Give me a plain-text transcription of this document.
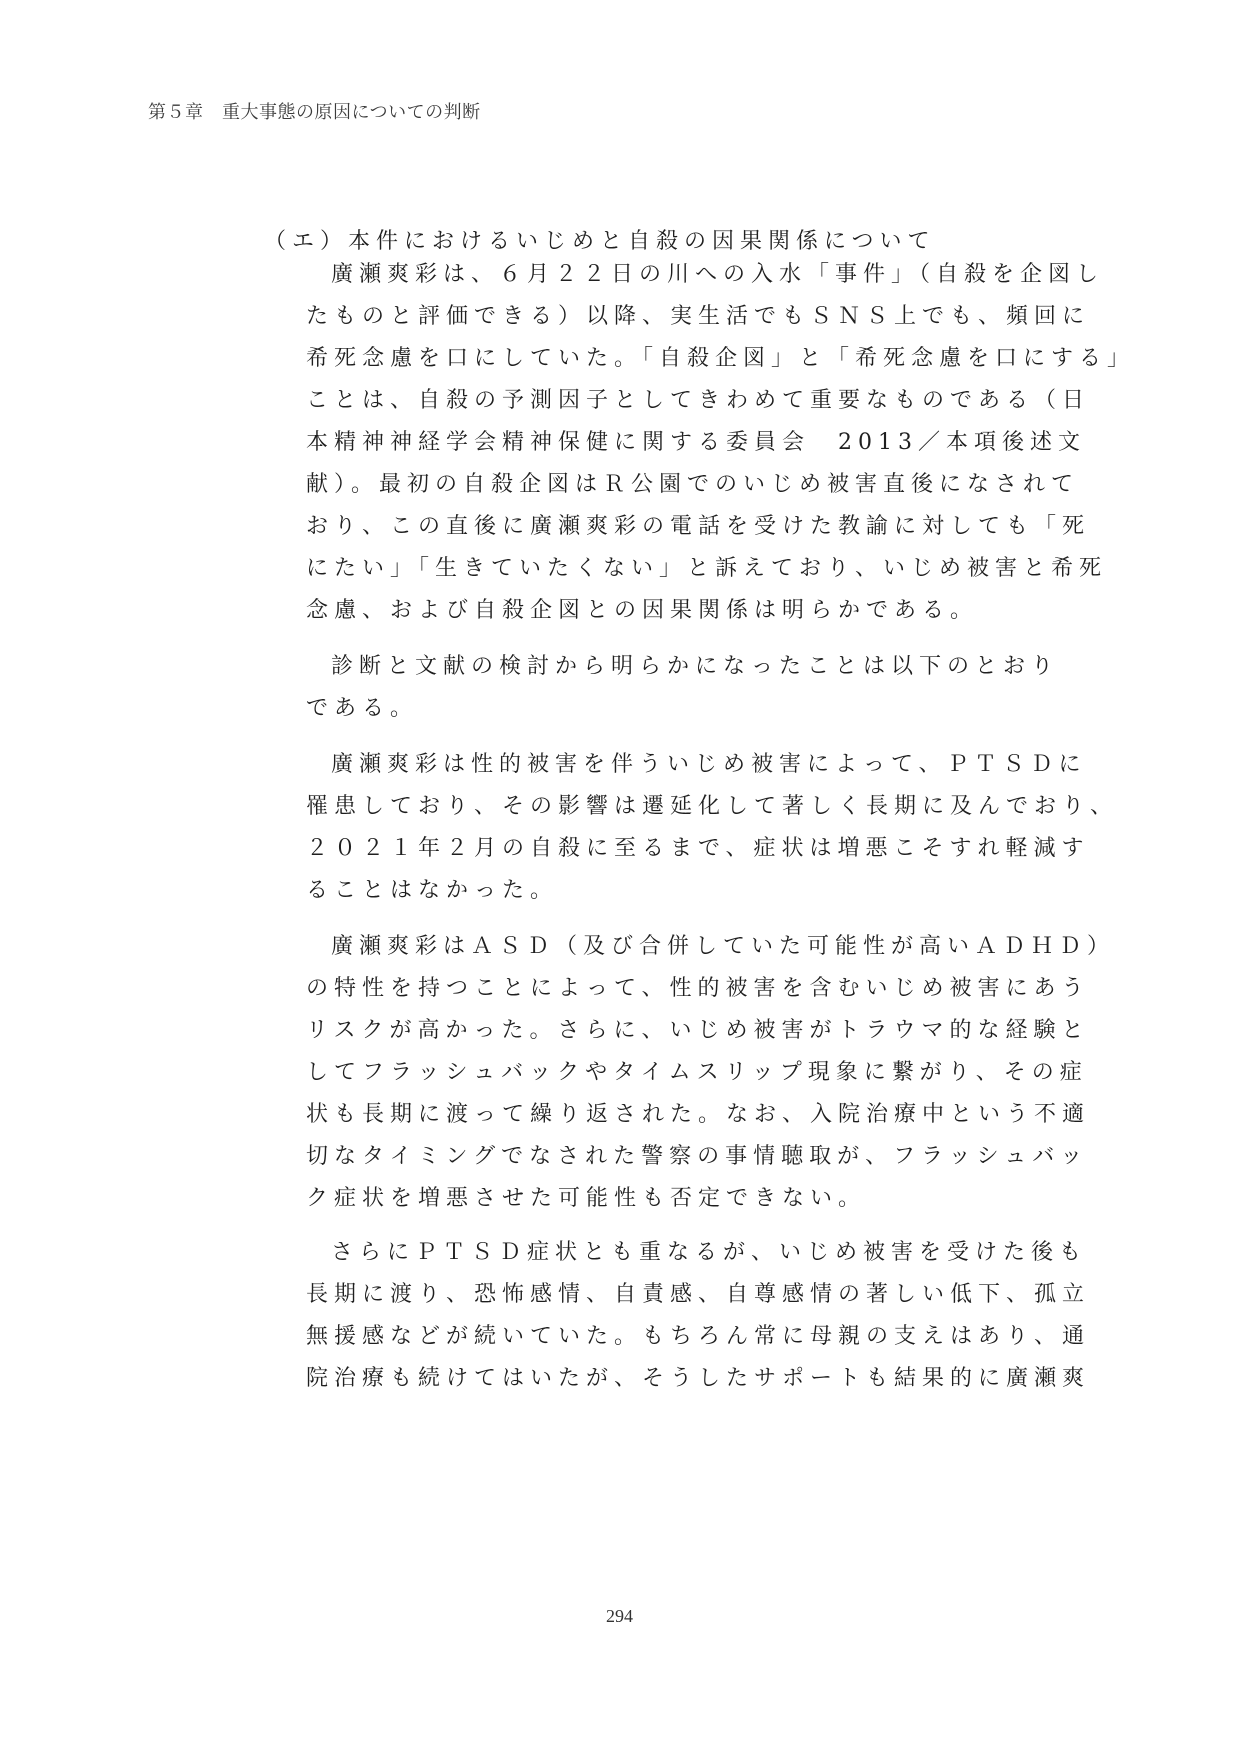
第５章　重大事態の原因についての判断
（エ）本件におけるいじめと自殺の因果関係について
廣瀬爽彩は、６月２２日の川への入水「事件」（自殺を企図し
たものと評価できる）以降、実生活でもＳＮＳ上でも、頻回に
希死念慮を口にしていた。「自殺企図」と「希死念慮を口にする」
ことは、自殺の予測因子としてきわめて重要なものである（日
本精神神経学会精神保健に関する委員会　2013／本項後述文
献）。最初の自殺企図はＲ公園でのいじめ被害直後になされて
おり、この直後に廣瀬爽彩の電話を受けた教諭に対しても「死
にたい」「生きていたくない」と訴えており、いじめ被害と希死
念慮、および自殺企図との因果関係は明らかである。
診断と文献の検討から明らかになったことは以下のとおり
である。
廣瀬爽彩は性的被害を伴ういじめ被害によって、ＰＴＳＤに
罹患しており、その影響は遷延化して著しく長期に及んでおり、
２０２１年２月の自殺に至るまで、症状は増悪こそすれ軽減す
ることはなかった。
廣瀬爽彩はＡＳＤ（及び合併していた可能性が高いＡＤＨＤ）
の特性を持つことによって、性的被害を含むいじめ被害にあう
リスクが高かった。さらに、いじめ被害がトラウマ的な経験と
してフラッシュバックやタイムスリップ現象に繋がり、その症
状も長期に渡って繰り返された。なお、入院治療中という不適
切なタイミングでなされた警察の事情聴取が、フラッシュバッ
ク症状を増悪させた可能性も否定できない。
さらにＰＴＳＤ症状とも重なるが、いじめ被害を受けた後も
長期に渡り、恐怖感情、自責感、自尊感情の著しい低下、孤立
無援感などが続いていた。もちろん常に母親の支えはあり、通
院治療も続けてはいたが、そうしたサポートも結果的に廣瀬爽
294
